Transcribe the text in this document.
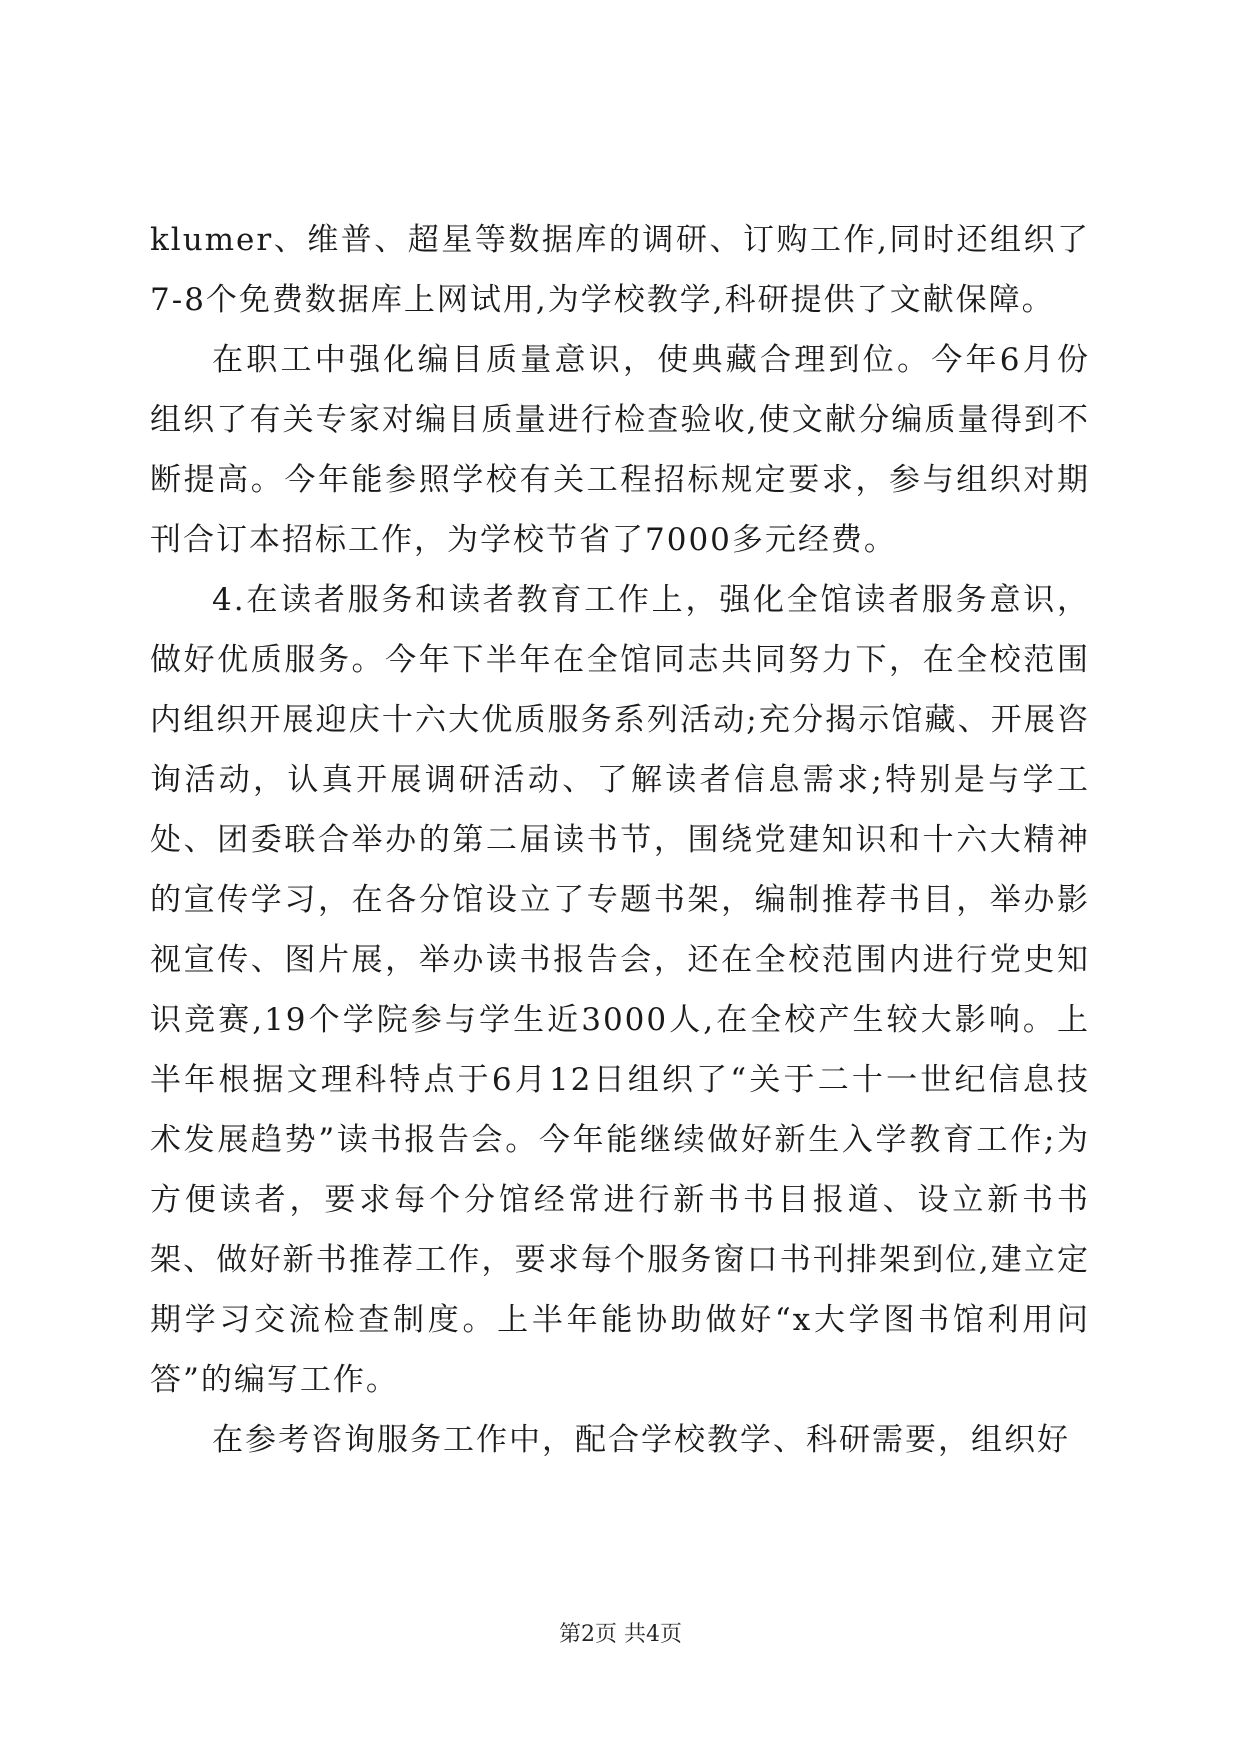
klumer、维普、超星等数据库的调研、订购工作,同时还组织了7-8个免费数据库上网试用,为学校教学,科研提供了文献保障。

在职工中强化编目质量意识，使典藏合理到位。今年6月份组织了有关专家对编目质量进行检查验收,使文献分编质量得到不断提高。今年能参照学校有关工程招标规定要求，参与组织对期刊合订本招标工作，为学校节省了7000多元经费。

4.在读者服务和读者教育工作上，强化全馆读者服务意识，做好优质服务。今年下半年在全馆同志共同努力下，在全校范围内组织开展迎庆十六大优质服务系列活动;充分揭示馆藏、开展咨询活动，认真开展调研活动、了解读者信息需求;特别是与学工处、团委联合举办的第二届读书节，围绕党建知识和十六大精神的宣传学习，在各分馆设立了专题书架，编制推荐书目，举办影视宣传、图片展，举办读书报告会，还在全校范围内进行党史知识竞赛,19个学院参与学生近3000人,在全校产生较大影响。上半年根据文理科特点于6月12日组织了“关于二十一世纪信息技术发展趋势”读书报告会。今年能继续做好新生入学教育工作;为方便读者，要求每个分馆经常进行新书书目报道、设立新书书架、做好新书推荐工作，要求每个服务窗口书刊排架到位,建立定期学习交流检查制度。上半年能协助做好“x大学图书馆利用问答”的编写工作。

在参考咨询服务工作中，配合学校教学、科研需要，组织好

第2页 共4页
